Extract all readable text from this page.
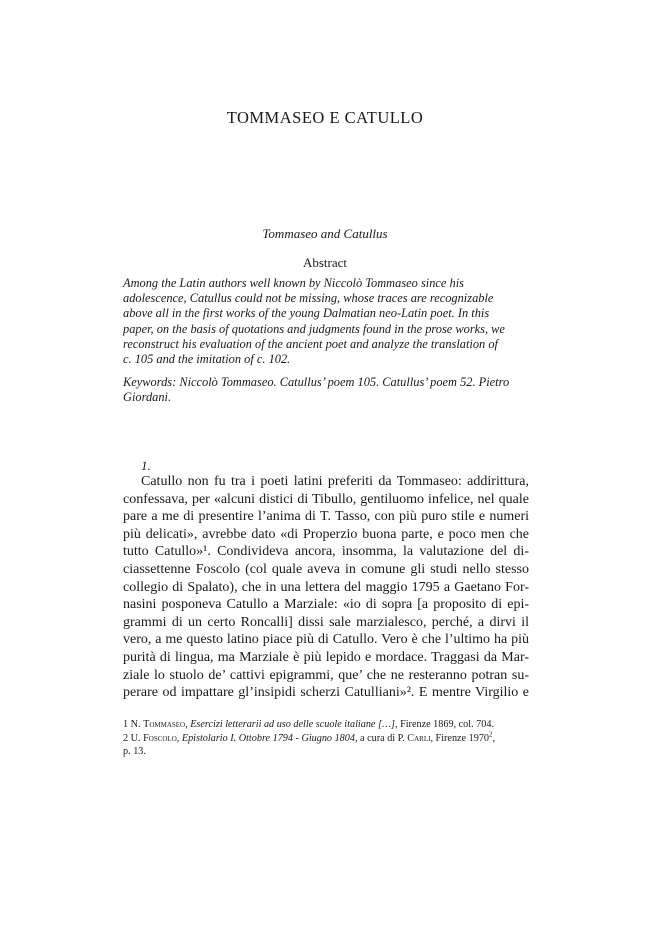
TOMMASEO E CATULLO
Tommaseo and Catullus
Abstract

Among the Latin authors well known by Niccolò Tommaseo since his
adolescence, Catullus could not be missing, whose traces are recognizable
above all in the first works of the young Dalmatian neo-Latin poet. In this
paper, on the basis of quotations and judgments found in the prose works, we
reconstruct his evaluation of the ancient poet and analyze the translation of
c. 105 and the imitation of c. 102.

Keywords: Niccolò Tommaseo. Catullus’ poem 105. Catullus’ poem 52. Pietro
Giordani.

1.
Catullo non fu tra i poeti latini preferiti da Tommaseo: addirittura,
confessava, per «alcuni distici di Tibullo, gentiluomo infelice, nel quale
pare a me di presentire l’anima di T. Tasso, con più puro stile e numeri
più delicati», avrebbe dato «di Properzio buona parte, e poco men che
tutto Catullo»¹. Condivideva ancora, insomma, la valutazione del di-
ciassettenne Foscolo (col quale aveva in comune gli studi nello stesso
collegio di Spalato), che in una lettera del maggio 1795 a Gaetano For-
nasini posponeva Catullo a Marziale: «io di sopra [a proposito di epi-
grammi di un certo Roncalli] dissi sale marzialesco, perché, a dirvi il
vero, a me questo latino piace più di Catullo. Vero è che l’ultimo ha più
purità di lingua, ma Marziale è più lepido e mordace. Traggasi da Mar-
ziale lo stuolo de’ cattivi epigrammi, que’ che ne resteranno potran su-
perare od impattare gl’insipidi scherzi Catulliani»². E mentre Virgilio e
1 N. Tommaseo, Esercizi letterarii ad uso delle scuole italiane […], Firenze 1869, col. 704.
2 U. Foscolo, Epistolario I. Ottobre 1794 - Giugno 1804, a cura di P. Carli, Firenze 1970$^2$,
p. 13.
